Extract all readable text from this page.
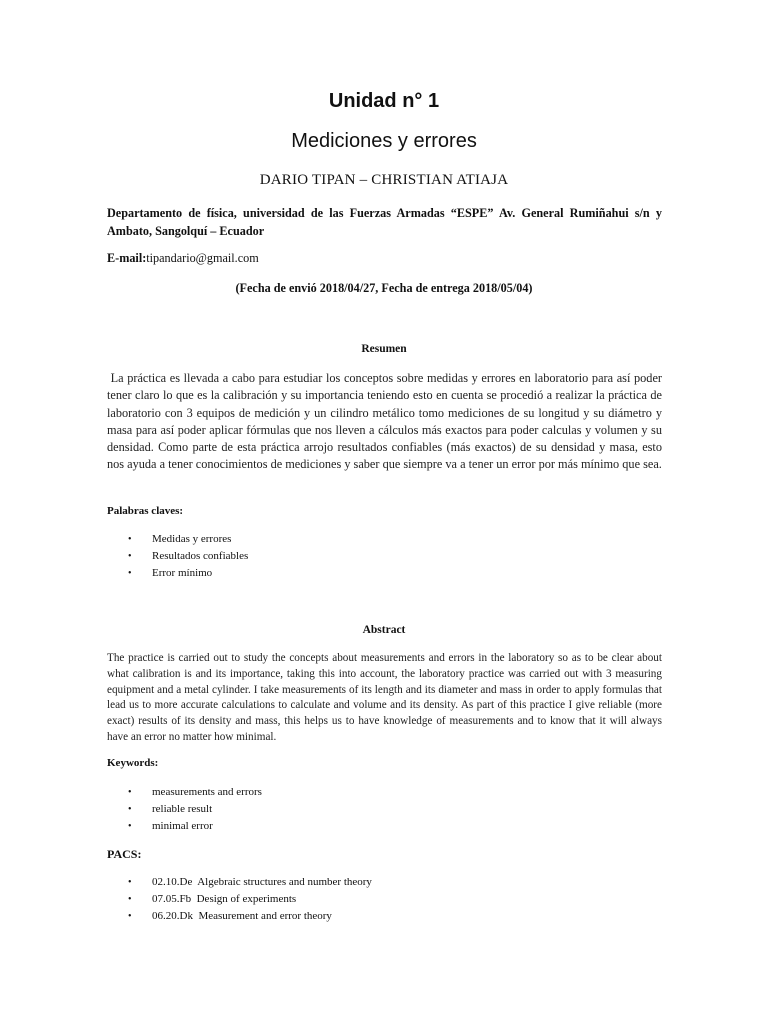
Unidad n° 1
Mediciones y errores
DARIO TIPAN – CHRISTIAN ATIAJA
Departamento de física, universidad de las Fuerzas Armadas “ESPE” Av. General Rumiñahui s/n y Ambato, Sangolquí – Ecuador
E-mail:tipandario@gmail.com
(Fecha de envió 2018/04/27, Fecha de entrega 2018/05/04)
Resumen
La práctica es llevada a cabo para estudiar los conceptos sobre medidas y errores en laboratorio para así poder tener claro lo que es la calibración y su importancia teniendo esto en cuenta se procedió a realizar la práctica de laboratorio con 3 equipos de medición y un cilindro metálico tomo mediciones de su longitud y su diámetro y masa para así poder aplicar fórmulas que nos lleven a cálculos más exactos para poder calculas y volumen y su densidad. Como parte de esta práctica arrojo resultados confiables (más exactos) de su densidad y masa, esto nos ayuda a tener conocimientos de mediciones y saber que siempre va a tener un error por más mínimo que sea.
Palabras claves:
• Medidas y errores
• Resultados confiables
• Error mínimo
Abstract
The practice is carried out to study the concepts about measurements and errors in the laboratory so as to be clear about what calibration is and its importance, taking this into account, the laboratory practice was carried out with 3 measuring equipment and a metal cylinder. I take measurements of its length and its diameter and mass in order to apply formulas that lead us to more accurate calculations to calculate and volume and its density. As part of this practice I give reliable (more exact) results of its density and mass, this helps us to have knowledge of measurements and to know that it will always have an error no matter how minimal.
Keywords:
• measurements and errors
• reliable result
• minimal error
PACS:
• 02.10.De  Algebraic structures and number theory
• 07.05.Fb  Design of experiments
• 06.20.Dk  Measurement and error theory
